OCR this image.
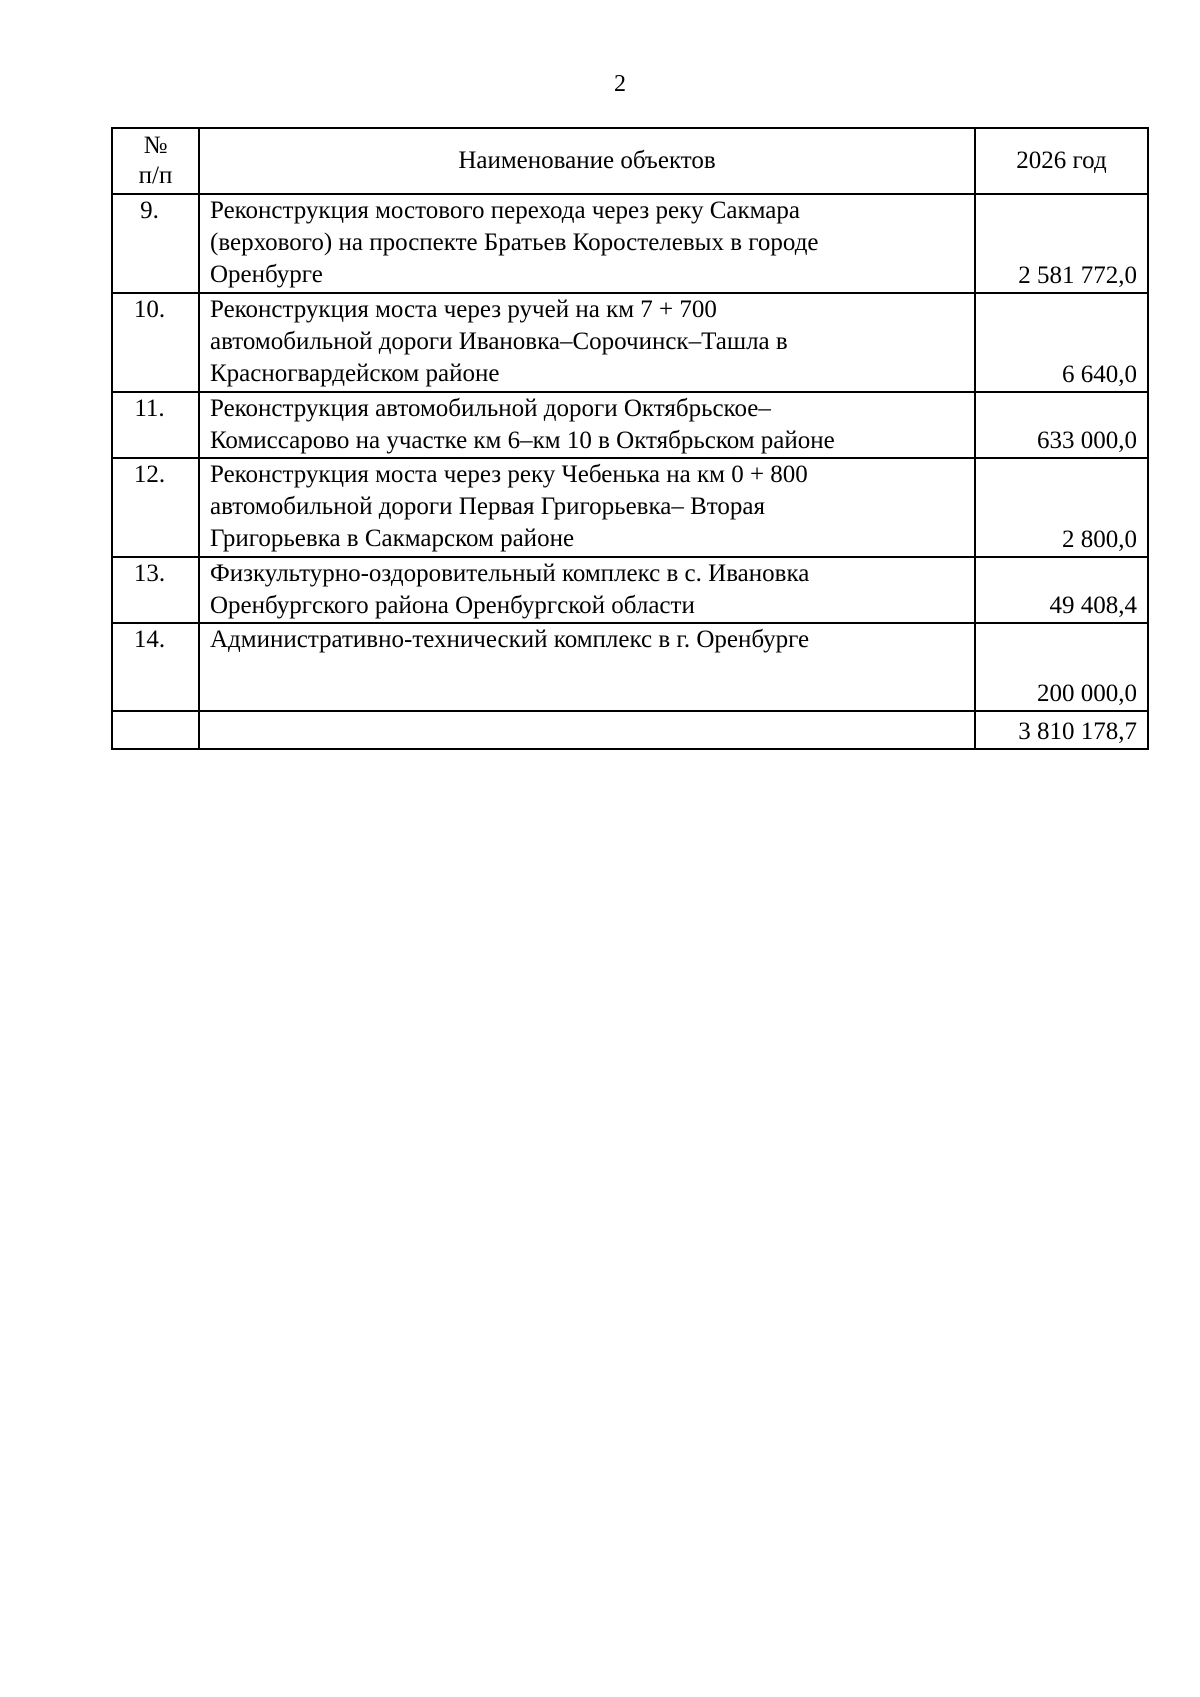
2
№
п/п	Наименование объектов	2026 год
9.	Реконструкция мостового перехода через реку Сакмара
(верхового) на проспекте Братьев Коростелевых в городе
Оренбурге	2 581 772,0
10.	Реконструкция моста через ручей на км 7 + 700
автомобильной дороги Ивановка–Сорочинск–Ташла в
Красногвардейском районе	6 640,0
11.	Реконструкция автомобильной дороги Октябрьское–
Комиссарово на участке км 6–км 10 в Октябрьском районе	633 000,0
12.	Реконструкция моста через реку Чебенька на км 0 + 800
автомобильной дороги Первая Григорьевка– Вторая
Григорьевка в Сакмарском районе	2 800,0
13.	Физкультурно-оздоровительный комплекс в с. Ивановка
Оренбургского района Оренбургской области	49 408,4
14.	Административно-технический комплекс в г. Оренбурге	200 000,0
		3 810 178,7
